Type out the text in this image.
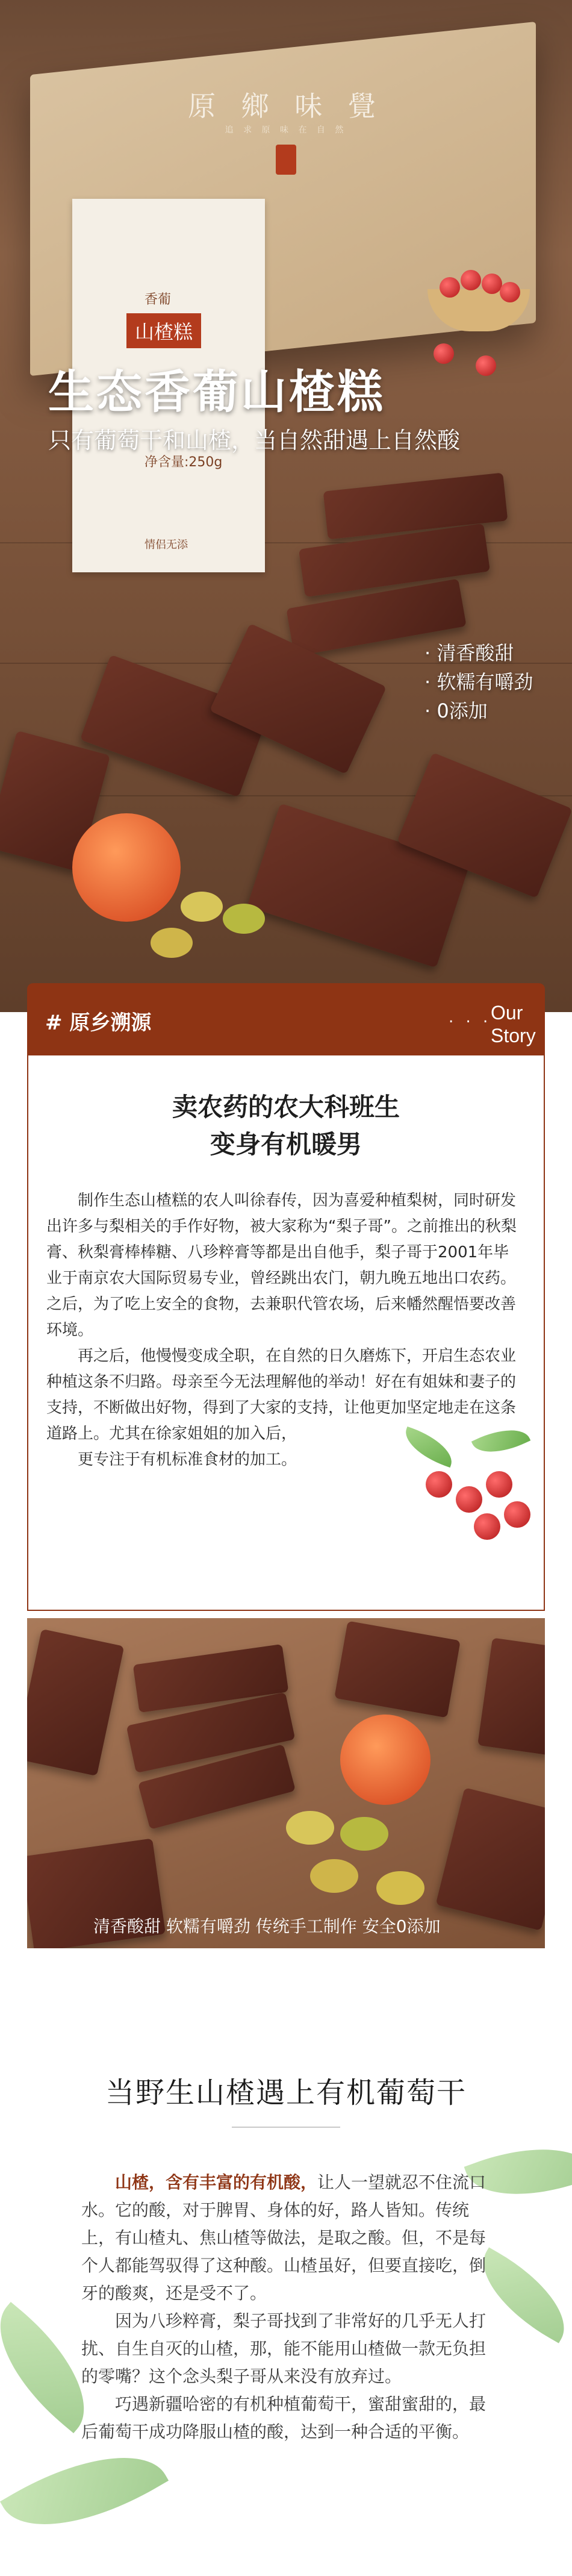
香葡
山楂糕
净含量:250g
情侣无添
原 鄉 味 覺
追 求 原 味 在 自 然
生态香葡山楂糕
只有葡萄干和山楂，当自然甜遇上自然酸
· 清香酸甜
· 软糯有嚼劲
· 0添加
# 原乡溯源	. . .
Our
Story
卖农药的农大科班生
变身有机暖男

　　制作生态山楂糕的农人叫徐春传，因为喜爱种植梨树，同时研发出许多与梨相关的手作好物，被大家称为“梨子哥”。之前推出的秋梨膏、秋梨膏棒棒糖、八珍粹膏等都是出自他手，梨子哥于2001年毕业于南京农大国际贸易专业，曾经跳出农门，朝九晚五地出口农药。之后，为了吃上安全的食物，去兼职代管农场，后来幡然醒悟要改善环境。

　　再之后，他慢慢变成全职，在自然的日久磨炼下，开启生态农业种植这条不归路。母亲至今无法理解他的举动！好在有姐妹和妻子的支持，不断做出好物，得到了大家的支持，让他更加坚定地走在这条道路上。尤其在徐家姐姐的加入后，

　　更专注于有机标准食材的加工。

清香酸甜 软糯有嚼劲 传统手工制作 安全0添加
当野生山楂遇上有机葡萄干

　　山楂，含有丰富的有机酸，让人一望就忍不住流口水。它的酸，对于脾胃、身体的好，路人皆知。传统上，有山楂丸、焦山楂等做法，是取之酸。但，不是每个人都能驾驭得了这种酸。山楂虽好，但要直接吃，倒牙的酸爽，还是受不了。

　　因为八珍粹膏，梨子哥找到了非常好的几乎无人打扰、自生自灭的山楂，那，能不能用山楂做一款无负担的零嘴？这个念头梨子哥从来没有放弃过。

　　巧遇新疆哈密的有机种植葡萄干，蜜甜蜜甜的，最后葡萄干成功降服山楂的酸，达到一种合适的平衡。
